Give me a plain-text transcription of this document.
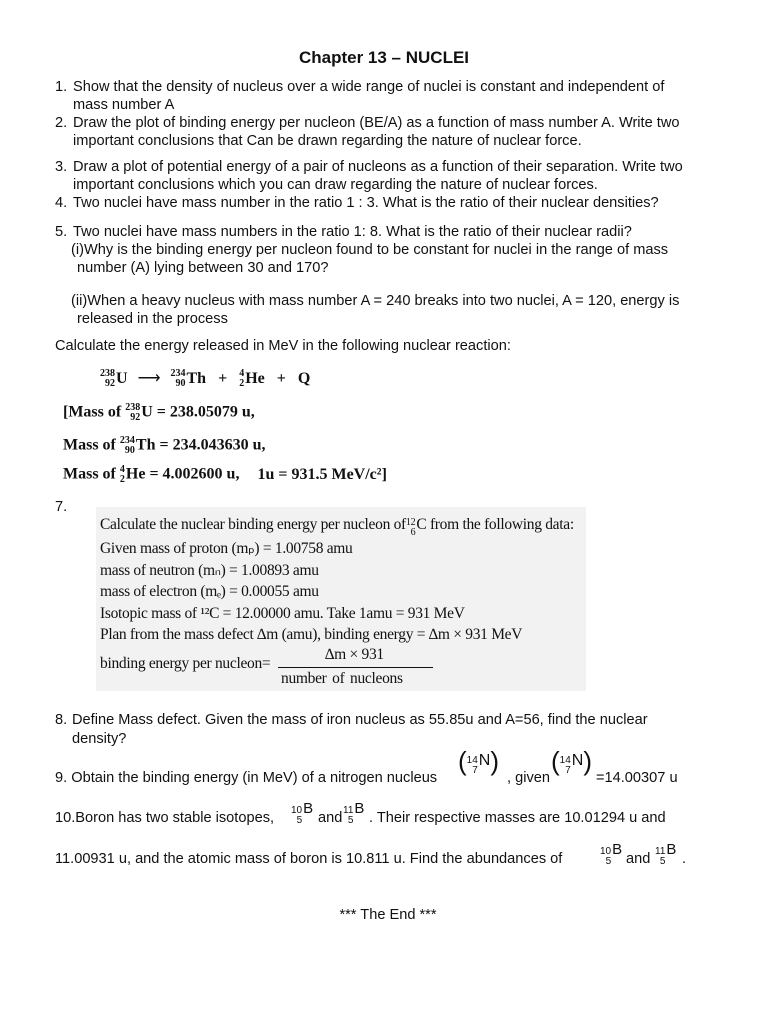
Chapter 13 – NUCLEI
1. Show that the density of nucleus over a wide range of nuclei is constant and independent of
mass number A
2. Draw the plot of binding energy per nucleon (BE/A) as a function of mass number A. Write two
important conclusions that Can be drawn regarding the nature of nuclear force.
3. Draw a plot of potential energy of a pair of nucleons as a function of their separation. Write two
important conclusions which you can draw regarding the nature of nuclear forces.
4. Two nuclei have mass number in the ratio 1 : 3. What is the ratio of their nuclear densities?
5. Two nuclei have mass numbers in the ratio 1: 8. What is the ratio of their nuclear radii?
(i)Why is the binding energy per nucleon found to be constant for nuclei in the range of mass
number (A) lying between 30 and 170?
(ii)When a heavy nucleus with mass number A = 240 breaks into two nuclei, A = 120, energy is
released in the process
Calculate the energy released in MeV in the following nuclear reaction:
238
92 U ⟶ 234
90 Th + 4
2 He + Q
[Mass of 238
92 U = 238.05079 u,
Mass of 234
90 Th = 234.043630 u,
Mass of 4
2 He = 4.002600 u, 1u = 931.5 MeV/c²]
7.
Calculate the nuclear binding energy per nucleon of 12
6 C from the following data:
Given mass of proton (mₚ) = 1.00758 amu
mass of neutron (mₙ) = 1.00893 amu
mass of electron (mₑ) = 0.00055 amu
Isotopic mass of ¹²C = 12.00000 amu. Take 1amu = 931 MeV
Plan from the mass defect ∆m (amu), binding energy = ∆m × 931 MeV
binding energy per nucleon=
∆m × 931
number of nucleons
8. Define Mass defect. Given the mass of iron nucleus as 55.85u and A=56, find the nuclear
density?
9. Obtain the binding energy (in MeV) of a nitrogen nucleus
( 14
7
N)
, given
( 14
7
N)
=14.00307 u
10.Boron has two stable isotopes, 10
5
B
and 11
5
B
. Their respective masses are 10.01294 u and
11.00931 u, and the atomic mass of boron is 10.811 u. Find the abundances of	10
5
B
and 11
5
B
.
*** The End ***
